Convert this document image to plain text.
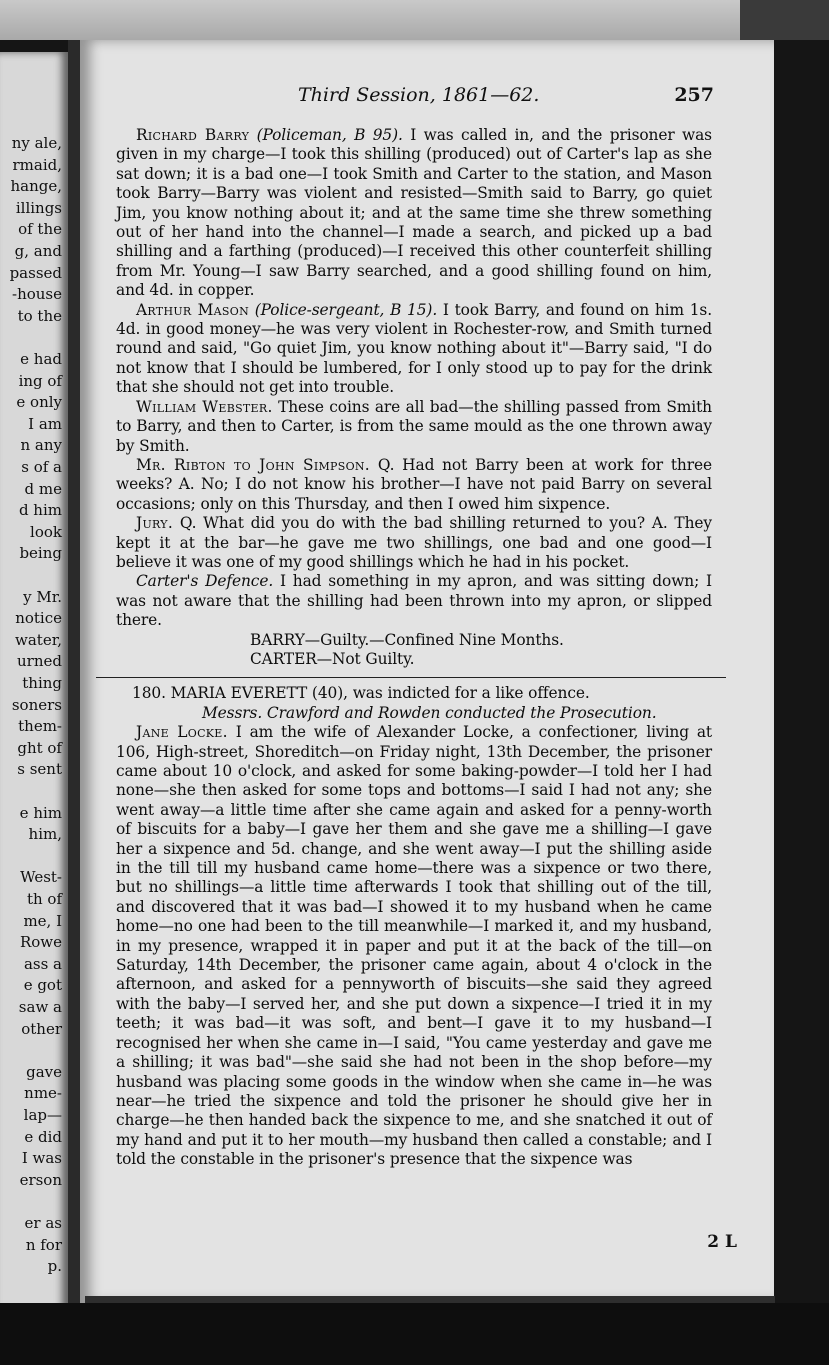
ny ale,
rmaid,
hange,
illings
of the
g, and
passed
-house
to the
e had
ing of
e only
I am
n any
s of a
d me
d him
look
being
y Mr.
notice
water,
urned
thing
soners
them-
ght of
s sent
e him
him,
West-
th of
me, I
Rowe
ass a
e got
saw a
other
gave
nme-
lap—
e did
I was
erson
er as
n for
p.
Third Session, 1861—62.	257

Richard Barry (Policeman, B 95). I was called in, and the prisoner was given in my charge—I took this shilling (produced) out of Carter's lap as she sat down; it is a bad one—I took Smith and Carter to the station, and Mason took Barry—Barry was violent and resisted—Smith said to Barry, go quiet Jim, you know nothing about it; and at the same time she threw something out of her hand into the channel—I made a search, and picked up a bad shilling and a farthing (produced)—I received this other counterfeit shilling from Mr. Young—I saw Barry searched, and a good shilling found on him, and 4d. in copper.

Arthur Mason (Police-sergeant, B 15). I took Barry, and found on him 1s. 4d. in good money—he was very violent in Rochester-row, and Smith turned round and said, "Go quiet Jim, you know nothing about it"—Barry said, "I do not know that I should be lumbered, for I only stood up to pay for the drink that she should not get into trouble.

William Webster. These coins are all bad—the shilling passed from Smith to Barry, and then to Carter, is from the same mould as the one thrown away by Smith.

Mr. Ribton to John Simpson. Q. Had not Barry been at work for three weeks? A. No; I do not know his brother—I have not paid Barry on several occasions; only on this Thursday, and then I owed him sixpence.

Jury. Q. What did you do with the bad shilling returned to you? A. They kept it at the bar—he gave me two shillings, one bad and one good—I believe it was one of my good shillings which he had in his pocket.

Carter's Defence. I had something in my apron, and was sitting down; I was not aware that the shilling had been thrown into my apron, or slipped there.

BARRY—Guilty.—Confined Nine Months.

CARTER—Not Guilty.

180. MARIA EVERETT (40), was indicted for a like offence.

Messrs. Crawford and Rowden conducted the Prosecution.

Jane Locke. I am the wife of Alexander Locke, a confectioner, living at 106, High-street, Shoreditch—on Friday night, 13th December, the prisoner came about 10 o'clock, and asked for some baking-powder—I told her I had none—she then asked for some tops and bottoms—I said I had not any; she went away—a little time after she came again and asked for a penny-worth of biscuits for a baby—I gave her them and she gave me a shilling—I gave her a sixpence and 5d. change, and she went away—I put the shilling aside in the till till my husband came home—there was a sixpence or two there, but no shillings—a little time afterwards I took that shilling out of the till, and discovered that it was bad—I showed it to my husband when he came home—no one had been to the till meanwhile—I marked it, and my husband, in my presence, wrapped it in paper and put it at the back of the till—on Saturday, 14th December, the prisoner came again, about 4 o'clock in the afternoon, and asked for a pennyworth of biscuits—she said they agreed with the baby—I served her, and she put down a sixpence—I tried it in my teeth; it was bad—it was soft, and bent—I gave it to my husband—I recognised her when she came in—I said, "You came yesterday and gave me a shilling; it was bad"—she said she had not been in the shop before—my husband was placing some goods in the window when she came in—he was near—he tried the sixpence and told the prisoner he should give her in charge—he then handed back the sixpence to me, and she snatched it out of my hand and put it to her mouth—my husband then called a constable; and I told the constable in the prisoner's presence that the sixpence was

2 L
